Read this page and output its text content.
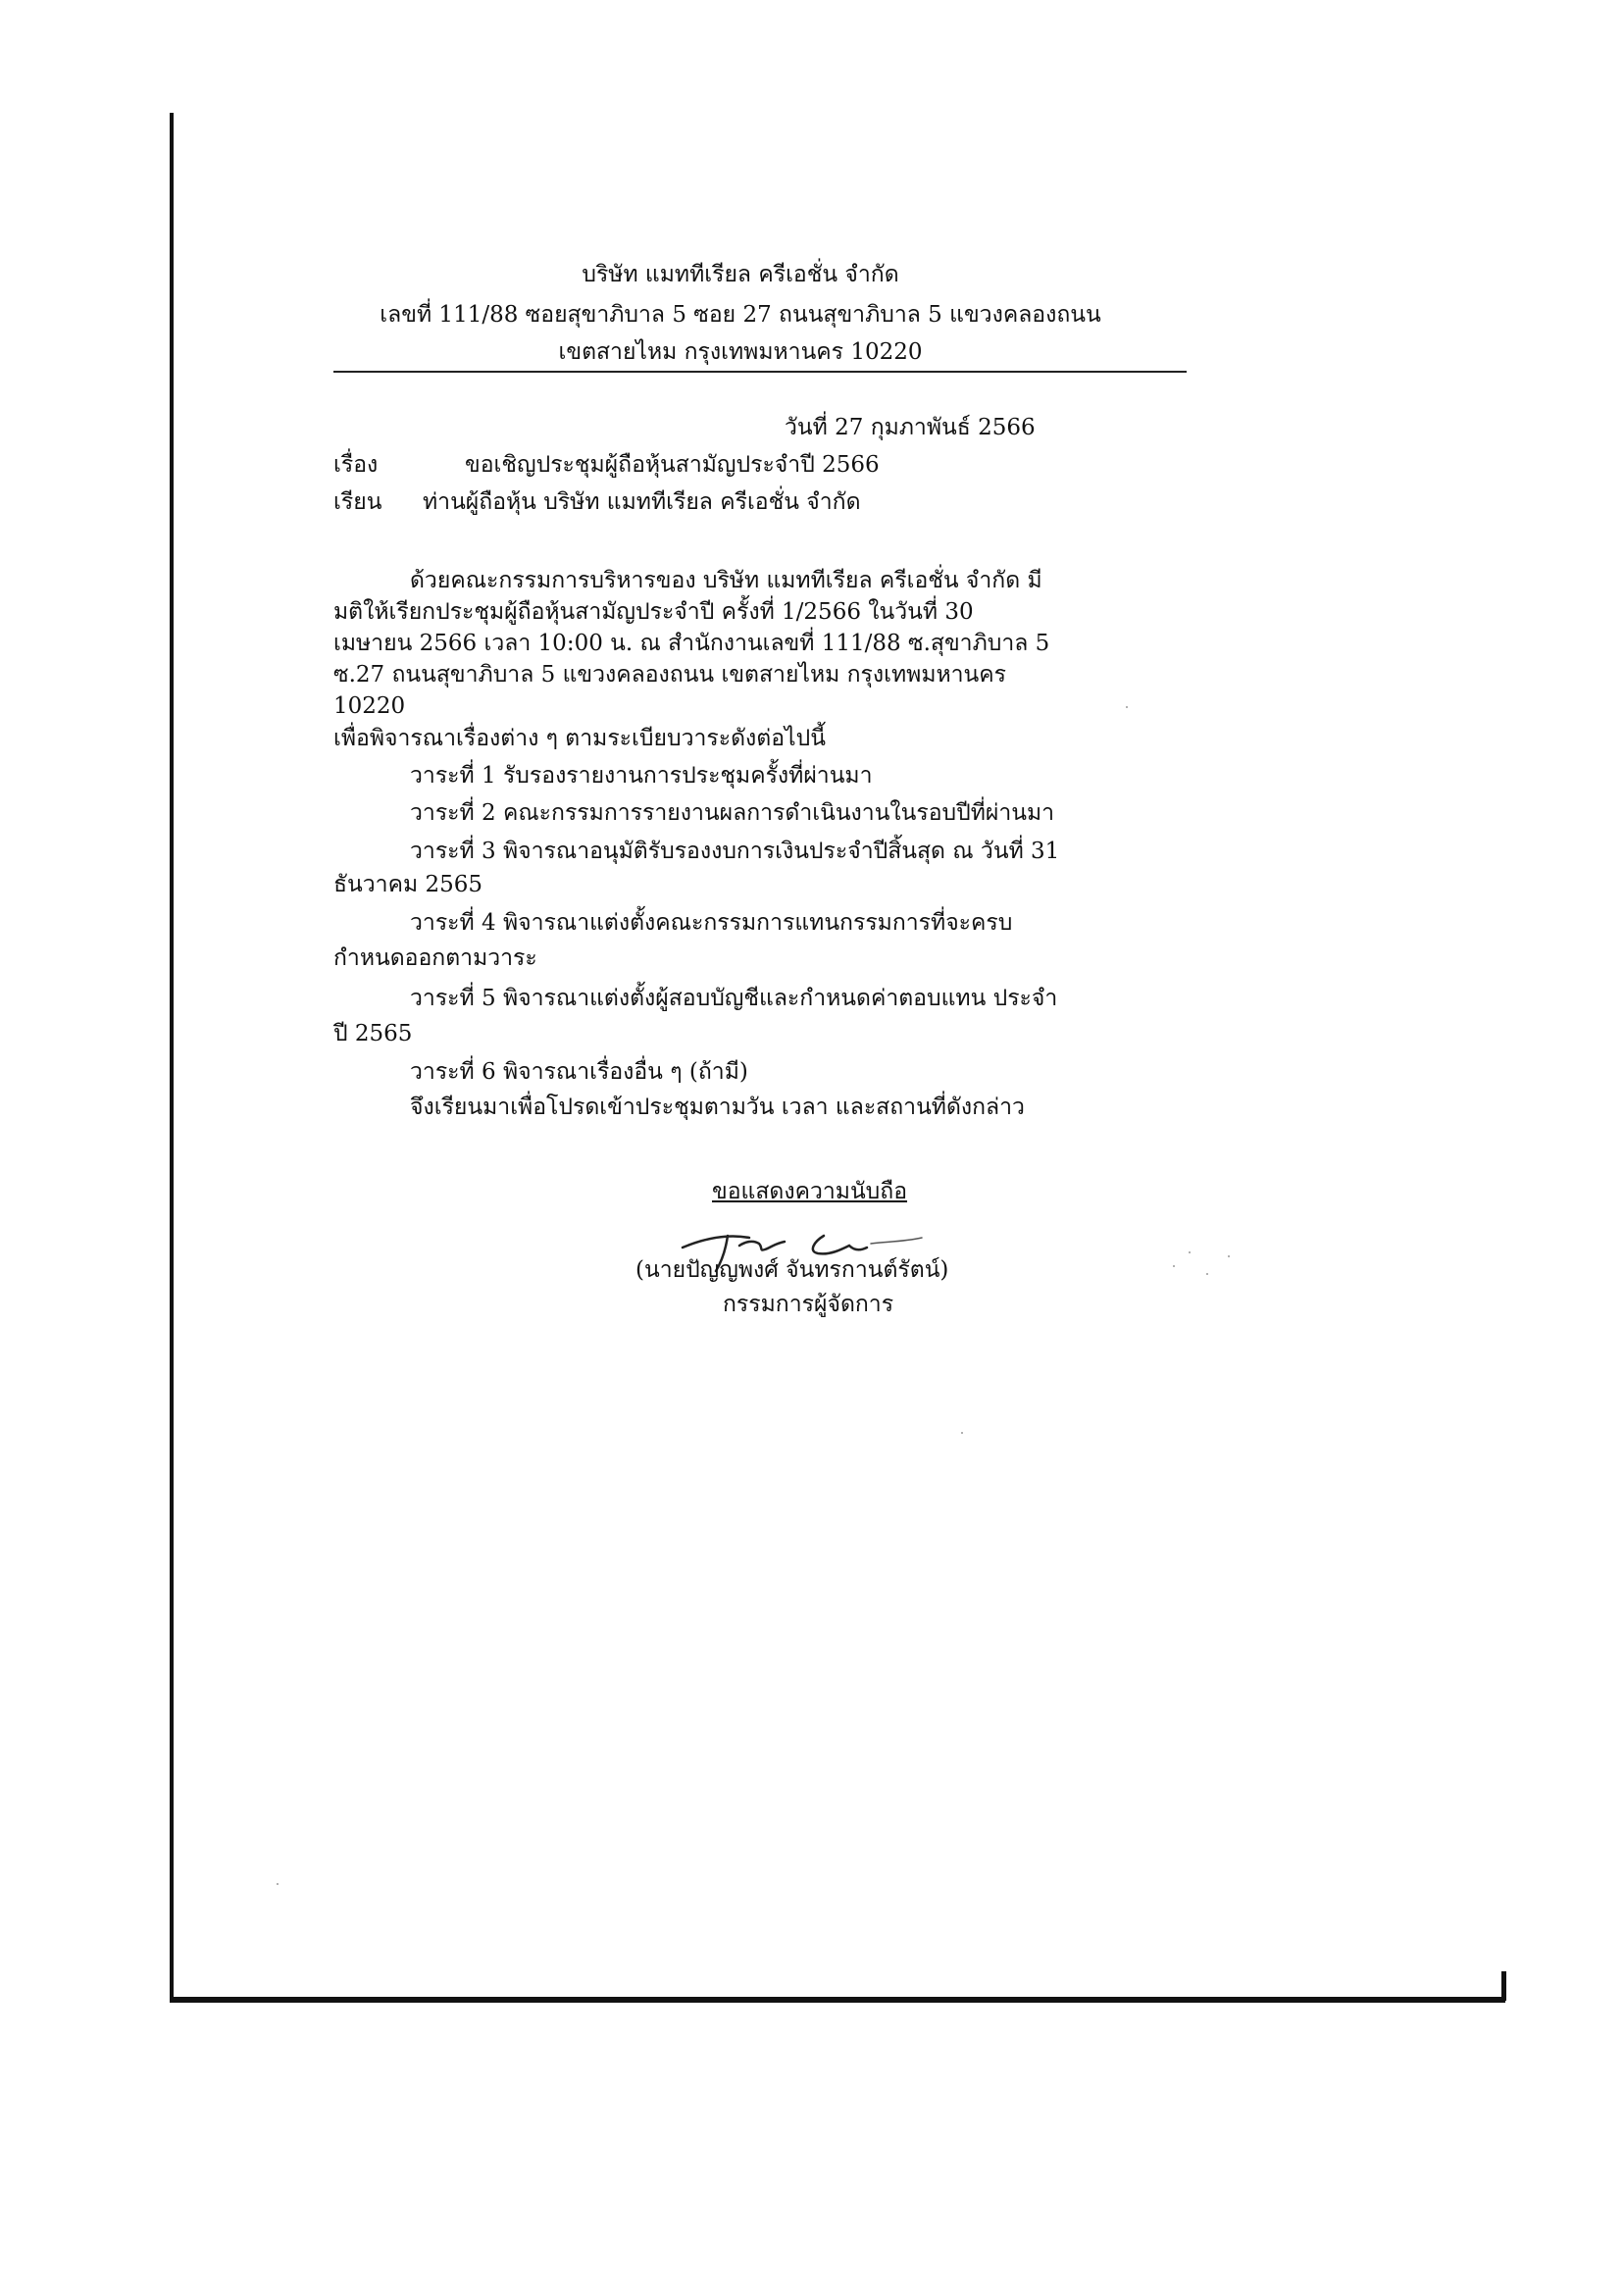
บริษัท แมททีเรียล ครีเอชั่น จำกัด
เลขที่ 111/88 ซอยสุขาภิบาล 5 ซอย 27 ถนนสุขาภิบาล 5 แขวงคลองถนน
เขตสายไหม กรุงเทพมหานคร 10220
วันที่ 27 กุมภาพันธ์ 2566
เรื่อง	ขอเชิญประชุมผู้ถือหุ้นสามัญประจำปี 2566
เรียน ท่านผู้ถือหุ้น บริษัท แมททีเรียล ครีเอชั่น จำกัด
ด้วยคณะกรรมการบริหารของ บริษัท แมททีเรียล ครีเอชั่น จำกัด มี
มติให้เรียกประชุมผู้ถือหุ้นสามัญประจำปี ครั้งที่ 1/2566 ในวันที่ 30
เมษายน 2566 เวลา 10:00 น. ณ สำนักงานเลขที่ 111/88 ซ.สุขาภิบาล 5
ซ.27 ถนนสุขาภิบาล 5 แขวงคลองถนน เขตสายไหม กรุงเทพมหานคร
10220
เพื่อพิจารณาเรื่องต่าง ๆ ตามระเบียบวาระดังต่อไปนี้
วาระที่ 1 รับรองรายงานการประชุมครั้งที่ผ่านมา
วาระที่ 2 คณะกรรมการรายงานผลการดำเนินงานในรอบปีที่ผ่านมา
วาระที่ 3 พิจารณาอนุมัติรับรองงบการเงินประจำปีสิ้นสุด ณ วันที่ 31
ธันวาคม 2565
วาระที่ 4 พิจารณาแต่งตั้งคณะกรรมการแทนกรรมการที่จะครบ
กำหนดออกตามวาระ
วาระที่ 5 พิจารณาแต่งตั้งผู้สอบบัญชีและกำหนดค่าตอบแทน ประจำ
ปี 2565
วาระที่ 6 พิจารณาเรื่องอื่น ๆ (ถ้ามี)
จึงเรียนมาเพื่อโปรดเข้าประชุมตามวัน เวลา และสถานที่ดังกล่าว
ขอแสดงความนับถือ
(นายปัญญพงศ์ จันทรกานต์รัตน์)
กรรมการผู้จัดการ
